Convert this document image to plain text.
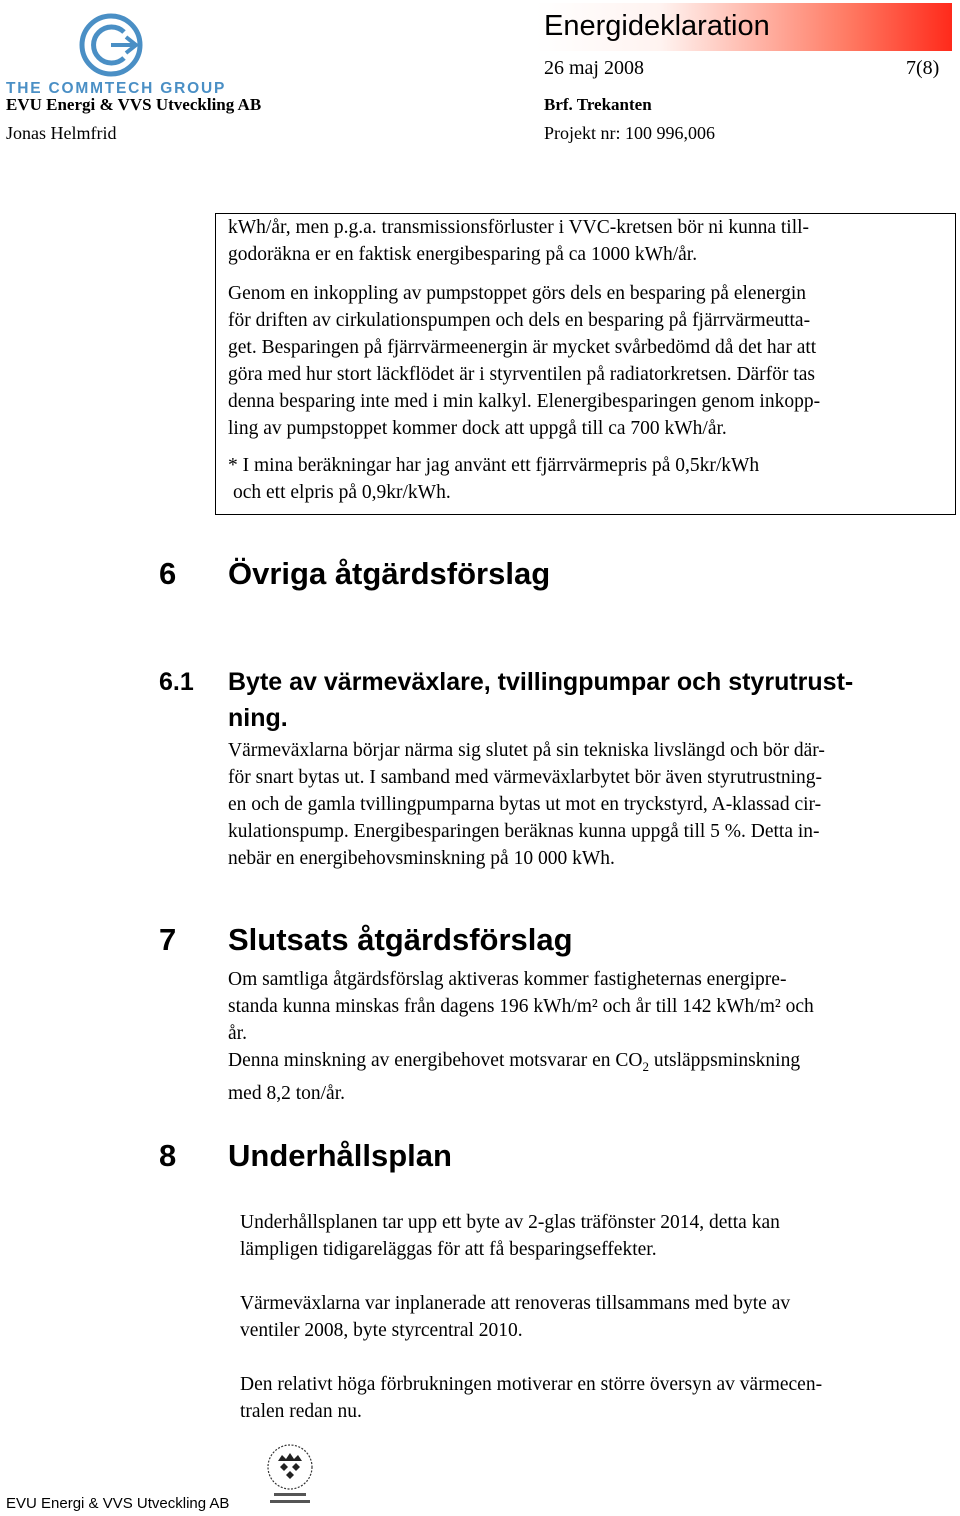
THE COMMTECH GROUP
EVU Energi & VVS Utveckling AB
Jonas Helmfrid
Energideklaration
26 maj 2008	7(8)
Brf. Trekanten
Projekt nr: 100 996,006
kWh/år, men p.g.a. transmissionsförluster i VVC-kretsen bör ni kunna till-
godoräkna er en faktisk energibesparing på ca 1000 kWh/år.
Genom en inkoppling av pumpstoppet görs dels en besparing på elenergin
för driften av cirkulationspumpen och dels en besparing på fjärrvärmeutta-
get. Besparingen på fjärrvärmeenergin är mycket svårbedömd då det har att
göra med hur stort läckflödet är i styrventilen på radiatorkretsen. Därför tas
denna besparing inte med i min kalkyl. Elenergibesparingen genom inkopp-
ling av pumpstoppet kommer dock att uppgå till ca 700 kWh/år.
* I mina beräkningar har jag använt ett fjärrvärmepris på 0,5kr/kWh
och ett elpris på 0,9kr/kWh.
6 Övriga åtgärdsförslag
6.1 Byte av värmeväxlare, tvillingpumpar och styrutrust-
ning.
Värmeväxlarna börjar närma sig slutet på sin tekniska livslängd och bör där-
för snart bytas ut. I samband med värmeväxlarbytet bör även styrutrustning-
en och de gamla tvillingpumparna bytas ut mot en tryckstyrd, A-klassad cir-
kulationspump. Energibesparingen beräknas kunna uppgå till 5 %. Detta in-
nebär en energibehovsminskning på 10 000 kWh.
7 Slutsats åtgärdsförslag
Om samtliga åtgärdsförslag aktiveras kommer fastigheternas energipre-
standa kunna minskas från dagens 196 kWh/m² och år till 142 kWh/m² och
år.
Denna minskning av energibehovet motsvarar en $CO_2$ utsläppsminskning
med 8,2 ton/år.
8 Underhållsplan
Underhållsplanen tar upp ett byte av 2-glas träfönster 2014, detta kan
lämpligen tidigareläggas för att få besparingseffekter.
Värmeväxlarna var inplanerade att renoveras tillsammans med byte av
ventiler 2008, byte styrcentral 2010.
Den relativt höga förbrukningen motiverar en större översyn av värmecen-
tralen redan nu.
EVU Energi & VVS Utveckling AB
